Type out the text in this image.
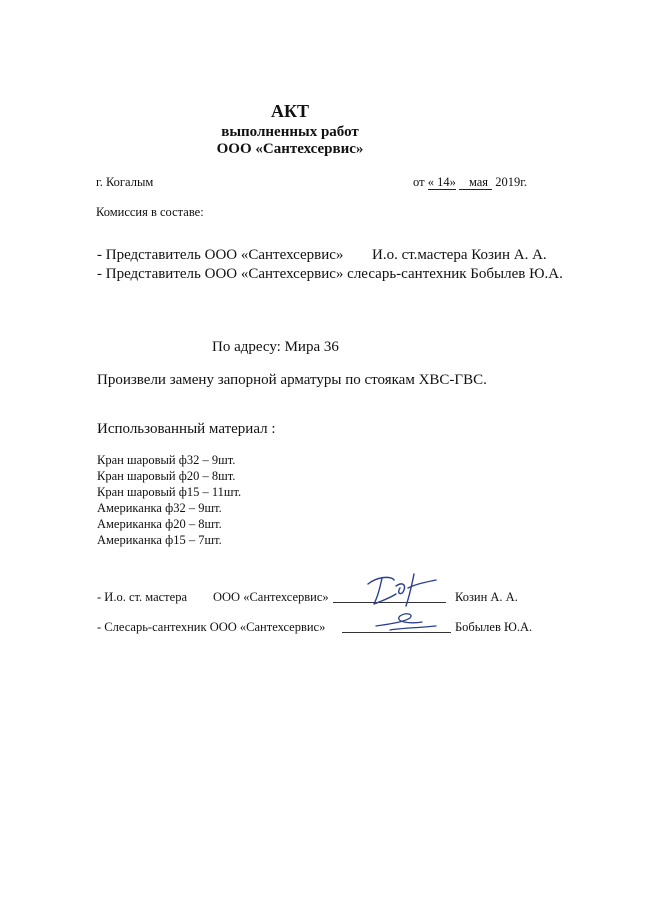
АКТ
выполненных работ
ООО «Сантехсервис»
г. Когалым	от « 14» мая 2019г.
Комиссия в составе:
- Представитель ООО «Сантехсервис» И.о. ст.мастера Козин А. А.
- Представитель ООО «Сантехсервис» слесарь-сантехник Бобылев Ю.А.
По адресу: Мира 36
Произвели замену запорной арматуры по стоякам ХВС-ГВС.
Использованный материал :
Кран шаровый ф32 – 9шт.
Кран шаровый ф20 – 8шт.
Кран шаровый ф15 – 11шт.
Американка ф32 – 9шт.
Американка ф20 – 8шт.
Американка ф15 – 7шт.
- И.о. ст. мастера ООО «Сантехсервис»	Козин А. А.
- Слесарь-сантехник ООО «Сантехсервис»	Бобылев Ю.А.
